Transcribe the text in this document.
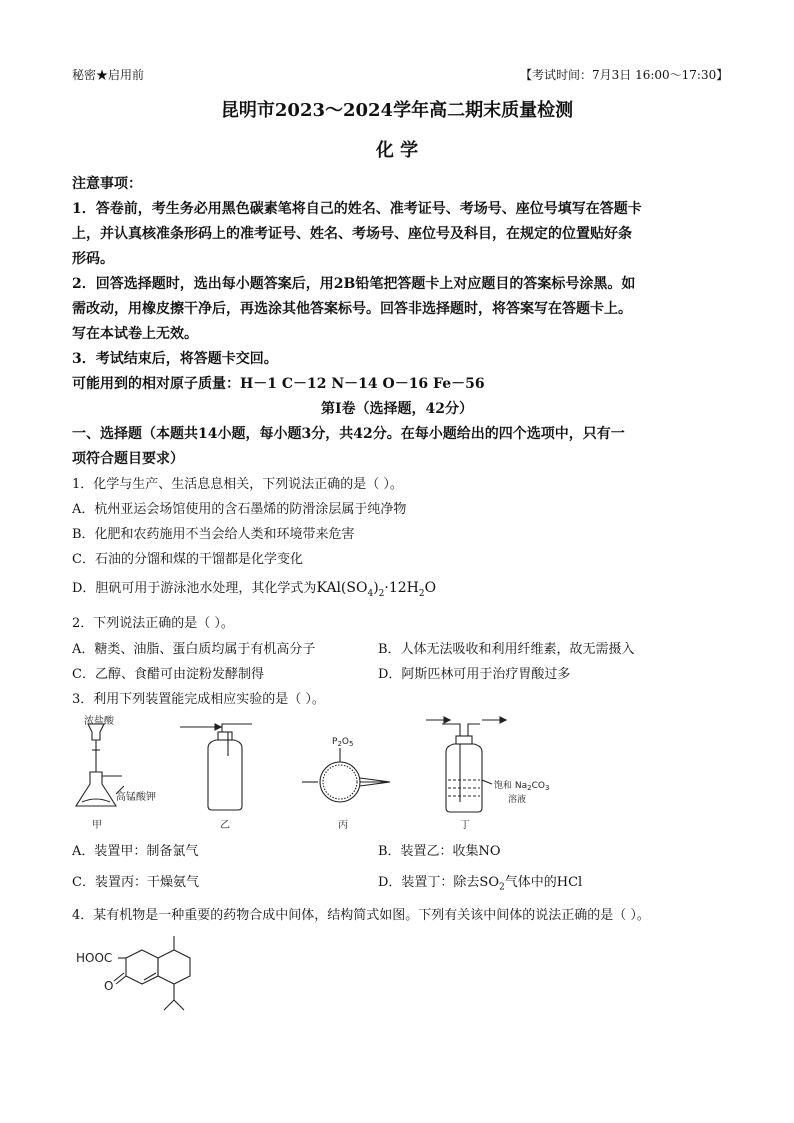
秘密★启用前	【考试时间：7月3日 16:00～17:30】
昆明市2023～2024学年高二期末质量检测
化 学
注意事项：
1．答卷前，考生务必用黑色碳素笔将自己的姓名、准考证号、考场号、座位号填写在答题卡
上，并认真核准条形码上的准考证号、姓名、考场号、座位号及科目，在规定的位置贴好条
形码。
2．回答选择题时，选出每小题答案后，用2B铅笔把答题卡上对应题目的答案标号涂黑。如
需改动，用橡皮擦干净后，再选涂其他答案标号。回答非选择题时，将答案写在答题卡上。
写在本试卷上无效。
3．考试结束后，将答题卡交回。
可能用到的相对原子质量：H－1 C－12 N－14 O－16 Fe－56
第Ⅰ卷（选择题，42分）
一、选择题（本题共14小题，每小题3分，共42分。在每小题给出的四个选项中，只有一
项符合题目要求）
1．化学与生产、生活息息相关，下列说法正确的是（ ）。
A．杭州亚运会场馆使用的含石墨烯的防滑涂层属于纯净物
B．化肥和农药施用不当会给人类和环境带来危害
C．石油的分馏和煤的干馏都是化学变化
D．胆矾可用于游泳池水处理，其化学式为$KAl(SO_4)_2\cdot 12H_2O$
2．下列说法正确的是（ ）。
A．糖类、油脂、蛋白质均属于有机高分子	B．人体无法吸收和利用纤维素，故无需摄入
C．乙醇、食醋可由淀粉发酵制得	D．阿斯匹林可用于治疗胃酸过多
3．利用下列装置能完成相应实验的是（ ）。
浓盐酸
高锰酸钾
$P_2O_5$
饱和 $Na_2CO_3$
溶液
甲	乙	丙	丁
A．装置甲：制备氯气	B．装置乙：收集NO
C．装置丙：干燥氨气	D．装置丁：除去$SO_2$气体中的HCl
4．某有机物是一种重要的药物合成中间体，结构简式如图。下列有关该中间体的说法正确的是（ ）。
HOOC
O
